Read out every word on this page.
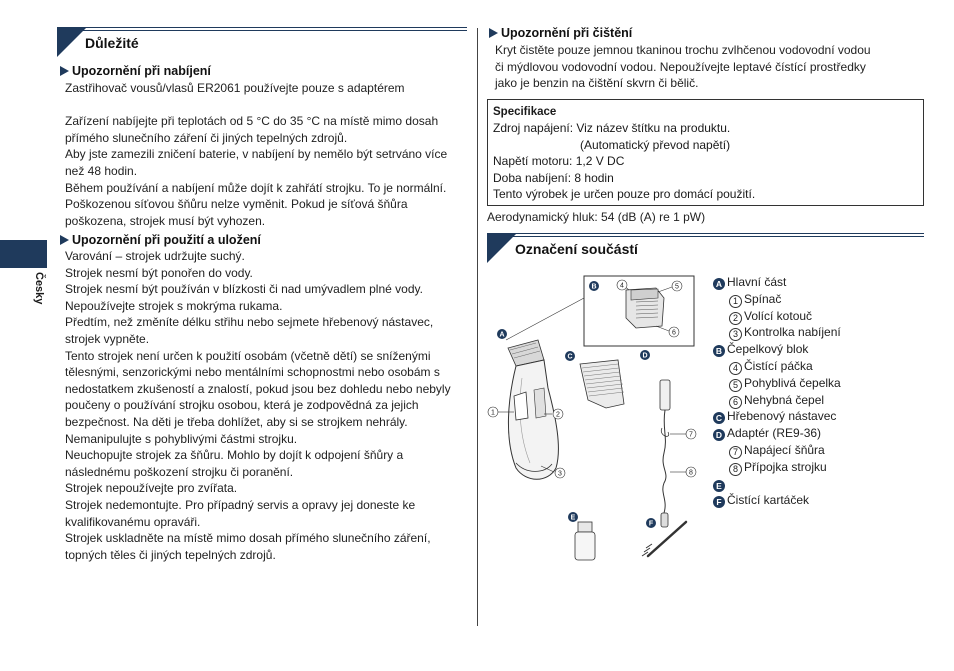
Česky
Důležité
Upozornění při nabíjení

Zastřihovač vousů/vlasů ER2061 používejte pouze s adaptérem

Zařízení nabíjejte při teplotách od 5 °C do 35 °C na místě mimo dosah

přímého slunečního záření či jiných tepelných zdrojů.

Aby jste zamezili zničení baterie, v nabíjení by nemělo být setrváno více

než 48 hodin.

Během používání a nabíjení může dojít k zahřátí strojku. To je normální.

Poškozenou síťovou šňůru nelze vyměnit. Pokud je síťová šňůra

poškozena, strojek musí být vyhozen.

Upozornění při použití a uložení

Varování – strojek udržujte suchý.

Strojek nesmí být ponořen do vody.

Strojek nesmí být používán v blízkosti či nad umývadlem plné vody.

Nepoužívejte strojek s mokrýma rukama.

Předtím, než změníte délku střihu nebo sejmete hřebenový nástavec,

strojek vypněte.

Tento strojek není určen k použití osobám (včetně dětí) se sníženými

tělesnými, senzorickými nebo mentálními schopnostmi nebo osobám s

nedostatkem zkušeností a znalostí, pokud jsou bez dohledu nebo nebyly

poučeny o používání strojku osobou, která je zodpovědná za jejich

bezpečnost. Na děti je třeba dohlížet, aby si se strojkem nehrály.

Nemanipulujte s pohyblivými částmi strojku.

Neuchopujte strojek za šňůru. Mohlo by dojít k odpojení šňůry a

následnému poškození strojku či poranění.

Strojek nepoužívejte pro zvířata.

Strojek nedemontujte. Pro případný servis a opravy jej doneste ke

kvalifikovanému opraváři.

Strojek uskladněte na místě mimo dosah přímého slunečního záření,

topných těles či jiných tepelných zdrojů.

Upozornění při čištění

Kryt čistěte pouze jemnou tkaninou trochu zvlhčenou vodovodní vodou

či mýdlovou vodovodní vodou. Nepoužívejte leptavé čístící prostředky

jako je benzin na čištění skvrn či bělič.

Specifikace

Zdroj napájení: Viz název štítku na produktu.

(Automatický převod napětí)

Napětí motoru: 1,2 V DC

Doba nabíjení: 8 hodin

Tento výrobek je určen pouze pro domácí použití.

Aerodynamický hluk: 54 (dB (A) re 1 pW)

Označení součástí
A
B
C	D
E
F
1	2
3
4	5
6
7
8
A Hlavní část
1 Spínač
2 Volící kotouč
3 Kontrolka nabíjení
B Čepelkový blok
4 Čistící páčka
5 Pohyblivá čepelka
6 Nehybná čepel
C Hřebenový nástavec
D Adaptér (RE9-36)
7 Napájecí šňůra
8 Přípojka strojku
E
F Čistící kartáček
